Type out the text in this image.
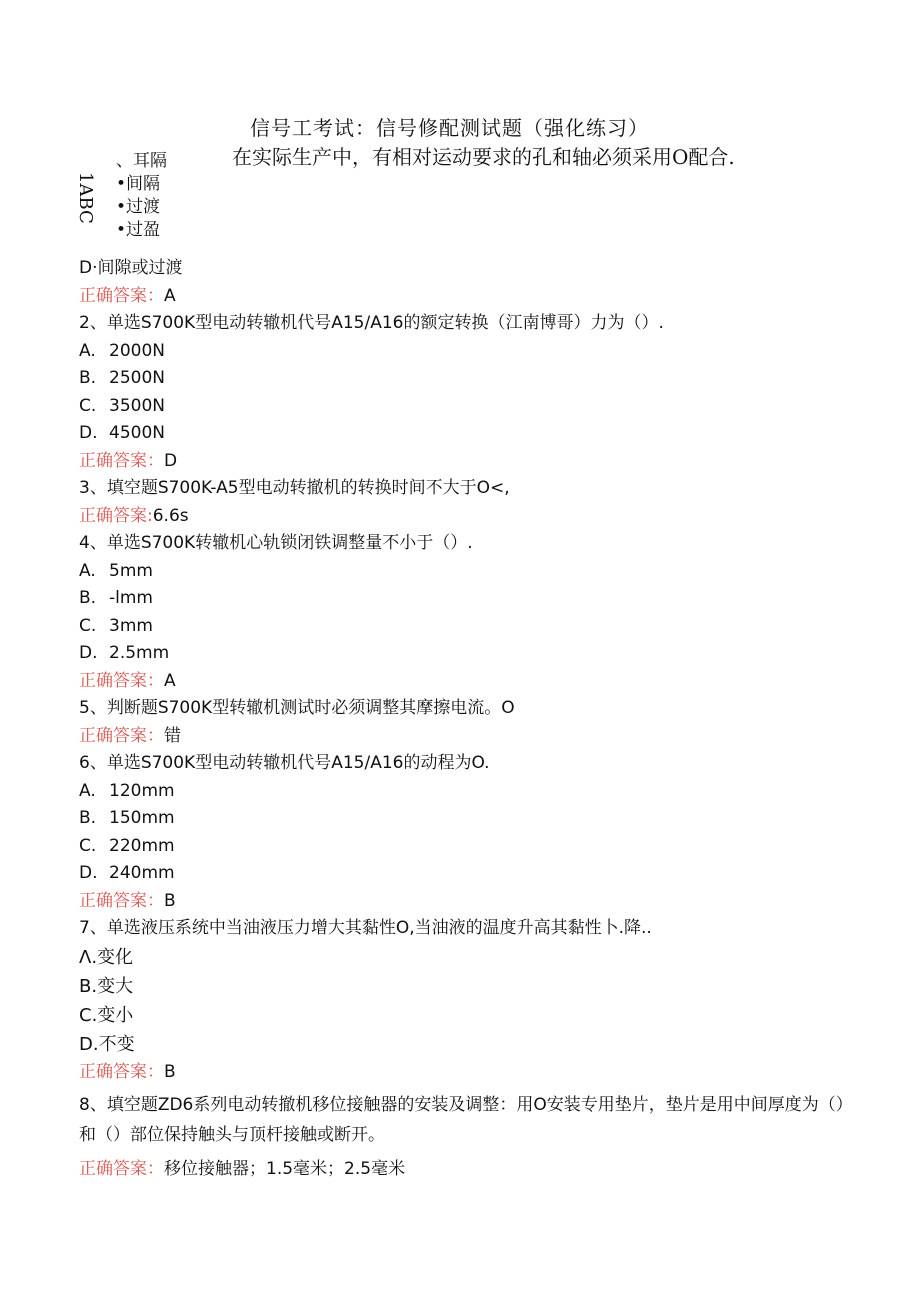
信号工考试：信号修配测试题（强化练习）
在实际生产中，有相对运动要求的孔和轴必须采用O配合.
1ABC
、耳隔
•间隔
•过渡
•过盈
D·间隙或过渡
正确答案：A
2、单选S700K型电动转辙机代号A15/A16的额定转换（江南博哥）力为（）.
A. 2000N
B. 2500N
C. 3500N
D. 4500N
正确答案：D
3、填空题S700K-A5型电动转撤机的转换时间不大于O<,
正确答案:6.6s
4、单选S700K转辙机心轨锁闭铁调整量不小于（）.
A. 5mm
B. -lmm
C. 3mm
D. 2.5mm
正确答案：A
5、判断题S700K型转辙机测试时必须调整其摩擦电流。O
正确答案：错
6、单选S700K型电动转辙机代号A15/A16的动程为O.
A. 120mm
B. 150mm
C. 220mm
D. 240mm
正确答案：B
7、单选液压系统中当油液压力增大其黏性O,当油液的温度升高其黏性卜.降..
Λ.变化
B.变大
C.变小
D.不变
正确答案：B
8、填空题ZD6系列电动转撤机移位接触器的安装及调整：用O安装专用垫片，垫片是用中间厚度为（）和（）部位保持触头与顶杆接触或断开。
正确答案：移位接触器；1.5毫米；2.5毫米
